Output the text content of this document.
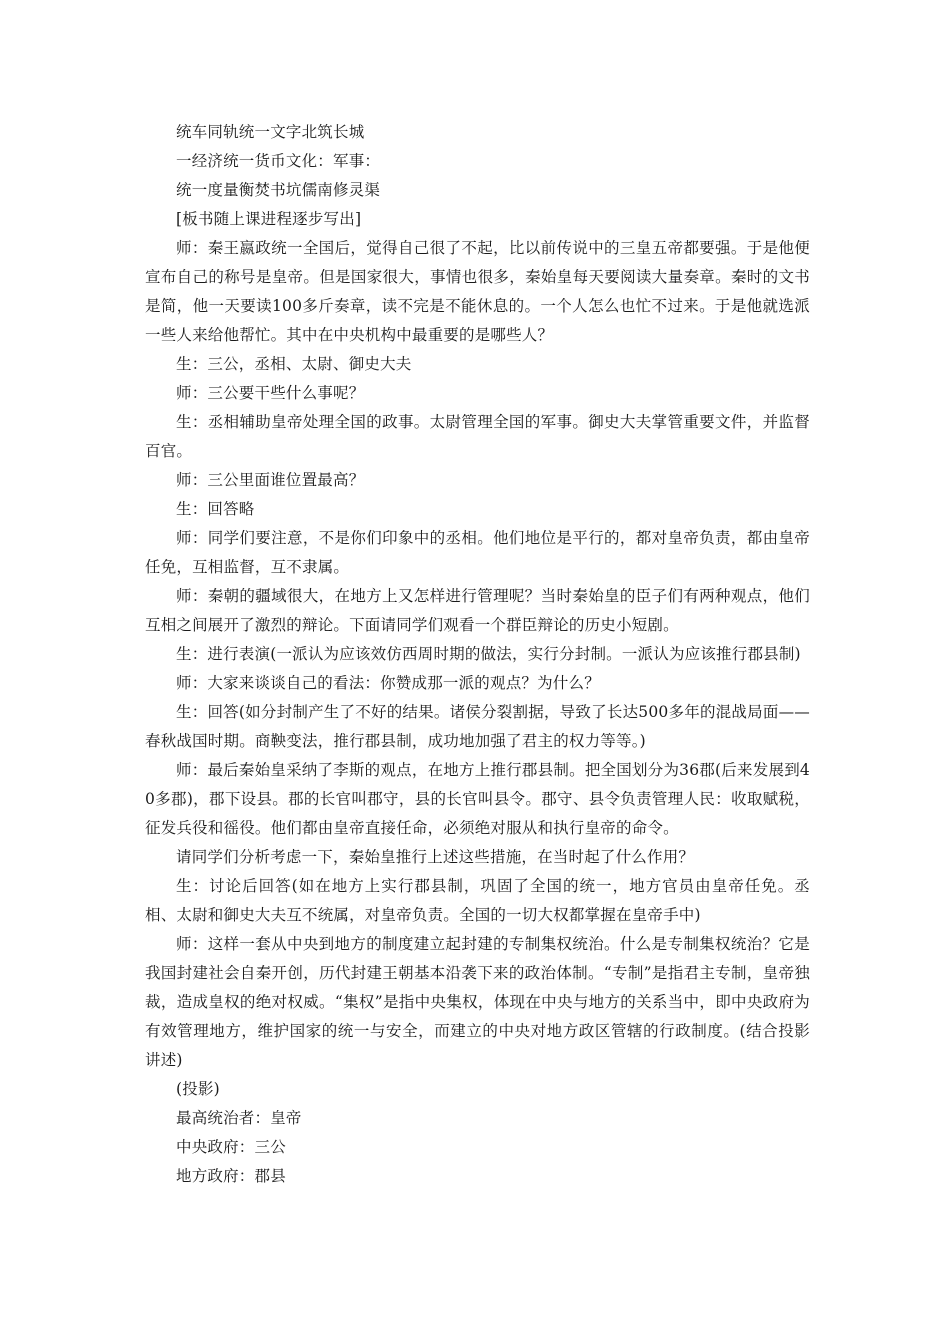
统车同轨统一文字北筑长城

一经济统一货币文化：军事：

统一度量衡焚书坑儒南修灵渠

[板书随上课进程逐步写出]

师：秦王嬴政统一全国后，觉得自己很了不起，比以前传说中的三皇五帝都要强。于是他便宣布自己的称号是皇帝。但是国家很大，事情也很多，秦始皇每天要阅读大量奏章。秦时的文书是简，他一天要读100多斤奏章，读不完是不能休息的。一个人怎么也忙不过来。于是他就选派一些人来给他帮忙。其中在中央机构中最重要的是哪些人？

生：三公，丞相、太尉、御史大夫

师：三公要干些什么事呢？

生：丞相辅助皇帝处理全国的政事。太尉管理全国的军事。御史大夫掌管重要文件，并监督百官。

师：三公里面谁位置最高？

生：回答略

师：同学们要注意，不是你们印象中的丞相。他们地位是平行的，都对皇帝负责，都由皇帝任免，互相监督，互不隶属。

师：秦朝的疆域很大，在地方上又怎样进行管理呢？当时秦始皇的臣子们有两种观点，他们互相之间展开了激烈的辩论。下面请同学们观看一个群臣辩论的历史小短剧。

生：进行表演(一派认为应该效仿西周时期的做法，实行分封制。一派认为应该推行郡县制)

师：大家来谈谈自己的看法：你赞成那一派的观点？为什么？

生：回答(如分封制产生了不好的结果。诸侯分裂割据，导致了长达500多年的混战局面——春秋战国时期。商鞅变法，推行郡县制，成功地加强了君主的权力等等。)

师：最后秦始皇采纳了李斯的观点，在地方上推行郡县制。把全国划分为36郡(后来发展到40多郡)，郡下设县。郡的长官叫郡守，县的长官叫县令。郡守、县令负责管理人民：收取赋税，征发兵役和徭役。他们都由皇帝直接任命，必须绝对服从和执行皇帝的命令。

请同学们分析考虑一下，秦始皇推行上述这些措施，在当时起了什么作用？

生：讨论后回答(如在地方上实行郡县制，巩固了全国的统一，地方官员由皇帝任免。丞相、太尉和御史大夫互不统属，对皇帝负责。全国的一切大权都掌握在皇帝手中)

师：这样一套从中央到地方的制度建立起封建的专制集权统治。什么是专制集权统治？它是我国封建社会自秦开创，历代封建王朝基本沿袭下来的政治体制。“专制”是指君主专制，皇帝独裁，造成皇权的绝对权威。“集权”是指中央集权，体现在中央与地方的关系当中，即中央政府为有效管理地方，维护国家的统一与安全，而建立的中央对地方政区管辖的行政制度。(结合投影讲述)

(投影)

最高统治者：皇帝

中央政府：三公

地方政府：郡县
